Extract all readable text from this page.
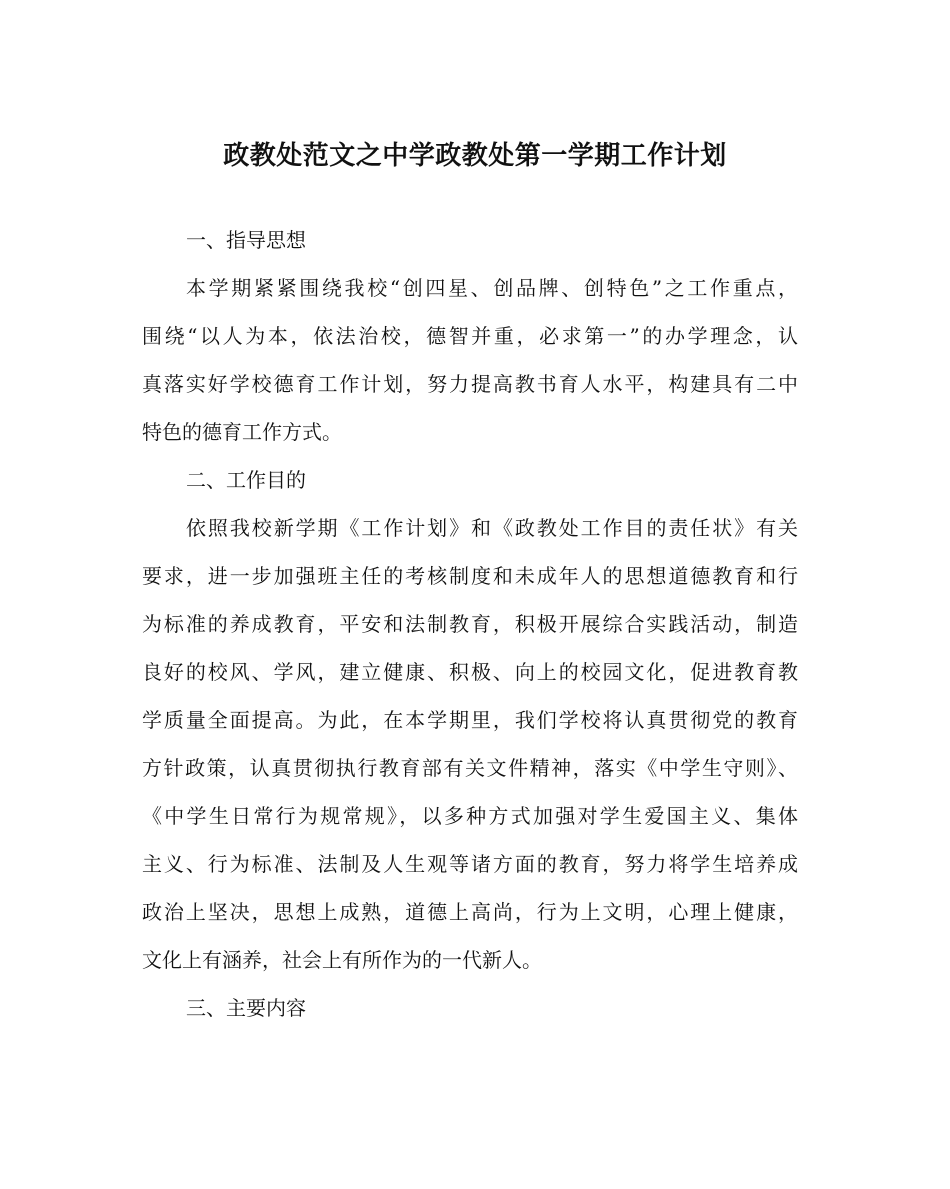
政教处范文之中学政教处第一学期工作计划
一、指导思想
本学期紧紧围绕我校“创四星、创品牌、创特色”之工作重点，
围绕“以人为本，依法治校，德智并重，必求第一”的办学理念，认
真落实好学校德育工作计划，努力提高教书育人水平，构建具有二中
特色的德育工作方式。
二、工作目的
依照我校新学期《工作计划》和《政教处工作目的责任状》有关
要求，进一步加强班主任的考核制度和未成年人的思想道德教育和行
为标准的养成教育，平安和法制教育，积极开展综合实践活动，制造
良好的校风、学风，建立健康、积极、向上的校园文化，促进教育教
学质量全面提高。为此，在本学期里，我们学校将认真贯彻党的教育
方针政策，认真贯彻执行教育部有关文件精神，落实《中学生守则》、
《中学生日常行为规常规》，以多种方式加强对学生爱国主义、集体
主义、行为标准、法制及人生观等诸方面的教育，努力将学生培养成
政治上坚决，思想上成熟，道德上高尚，行为上文明，心理上健康，
文化上有涵养，社会上有所作为的一代新人。
三、主要内容
